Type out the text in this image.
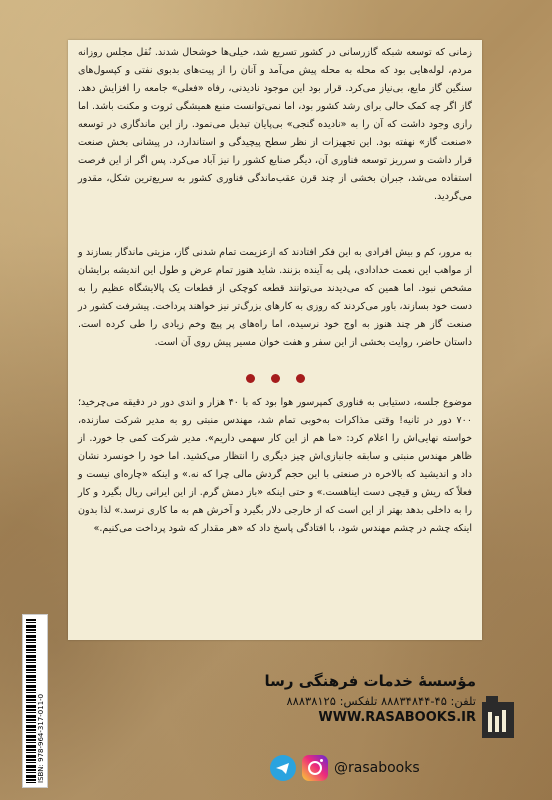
زمانی که توسعه شبکه گازرسانی در کشور تسریع شد، خیلی‌ها خوشحال شدند. نُقل مجلس روزانه مردم، لوله‌هایی بود که محله به محله پیش می‌آمد و آنان را از پیت‌های بدبوی نفتی و کپسول‌های سنگین گاز مایع، بی‌نیاز می‌کرد. قرار بود این موجود نادیدنی، رفاه «فعلی» جامعه را افزایش دهد. گاز اگر چه کمک حالی برای رشد کشور بود، اما نمی‌توانست منبع همیشگی ثروت و مکنت باشد. اما رازی وجود داشت که آن را به «نادیده گنجی» بی‌پایان تبدیل می‌نمود. راز این ماندگاری در توسعه «صنعت گاز» نهفته بود. این تجهیزات از نظر سطح پیچیدگی و استاندارد، در پیشانی بخش صنعت قرار داشت و سرریز توسعه فناوری آن، دیگر صنایع کشور را نیز آباد می‌کرد. پس اگر از این فرصت استفاده می‌شد، جبران بخشی از چند قرن عقب‌ماندگی فناوری کشور به سریع‌ترین شکل، مقدور می‌گردید.

به مرور، کم و بیش افرادی به این فکر افتادند که ازعزیمت تمام شدنی گاز، مزیتی ماندگار بسازند و از مواهب این نعمت خدادادی، پلی به آینده بزنند. شاید هنوز تمام عرض و طول این اندیشه برایشان مشخص نبود. اما همین که می‌دیدند می‌توانند قطعه کوچکی از قطعات یک پالایشگاه عظیم را به دست خود بسازند، باور می‌کردند که روزی به کارهای بزرگ‌تر نیز خواهند پرداخت. پیشرفت کشور در صنعت گاز هر چند هنوز به اوج خود نرسیده، اما راه‌های پر پیچ وخم زیادی را طی کرده است. داستان حاضر، روایت بخشی از این سفر و هفت خوان مسیر پیش روی آن است.

موضوع جلسه، دستیابی به فناوری کمپرسور هوا بود که با ۴۰ هزار و اندی دور در دقیقه می‌چرخید؛ ۷۰۰ دور در ثانیه! وقتی مذاکرات به‌خوبی تمام شد، مهندس منبتی رو به مدیر شرکت سازنده، خواسته نهایی‌اش را اعلام کرد: «ما هم از این کار سهمی داریم». مدیر شرکت کمی جا خورد. از ظاهر مهندس منبتی و سابقه جانبازی‌اش چیز دیگری را انتظار می‌کشید. اما خود را خونسرد نشان داد و اندیشید که بالاخره در صنعتی با این حجم گردش مالی چرا که نه.» و اینکه «چاره‌ای نیست و فعلاً که ریش و قیچی دست ایناهست.» و حتی اینکه «باز دمش گرم. از این ایرانی ریال بگیرد و کار را به داخلی بدهد بهتر از این است که از خارجی دلار بگیرد و آخرش هم به ما کاری نرسد.» لذا بدون اینکه چشم در چشم مهندس شود، با افتادگی پاسخ داد که «هر مقدار که شود پرداخت می‌کنیم.»

ISBN: 978-964-317-011-0
مؤسسهٔ خدمات فرهنگی رسا
تلفن: ۴۵-۸۸۸۳۴۸۴۴ تلفکس: ۸۸۸۳۸۱۲۵
WWW.RASABOOKS.IR
@rasabooks
